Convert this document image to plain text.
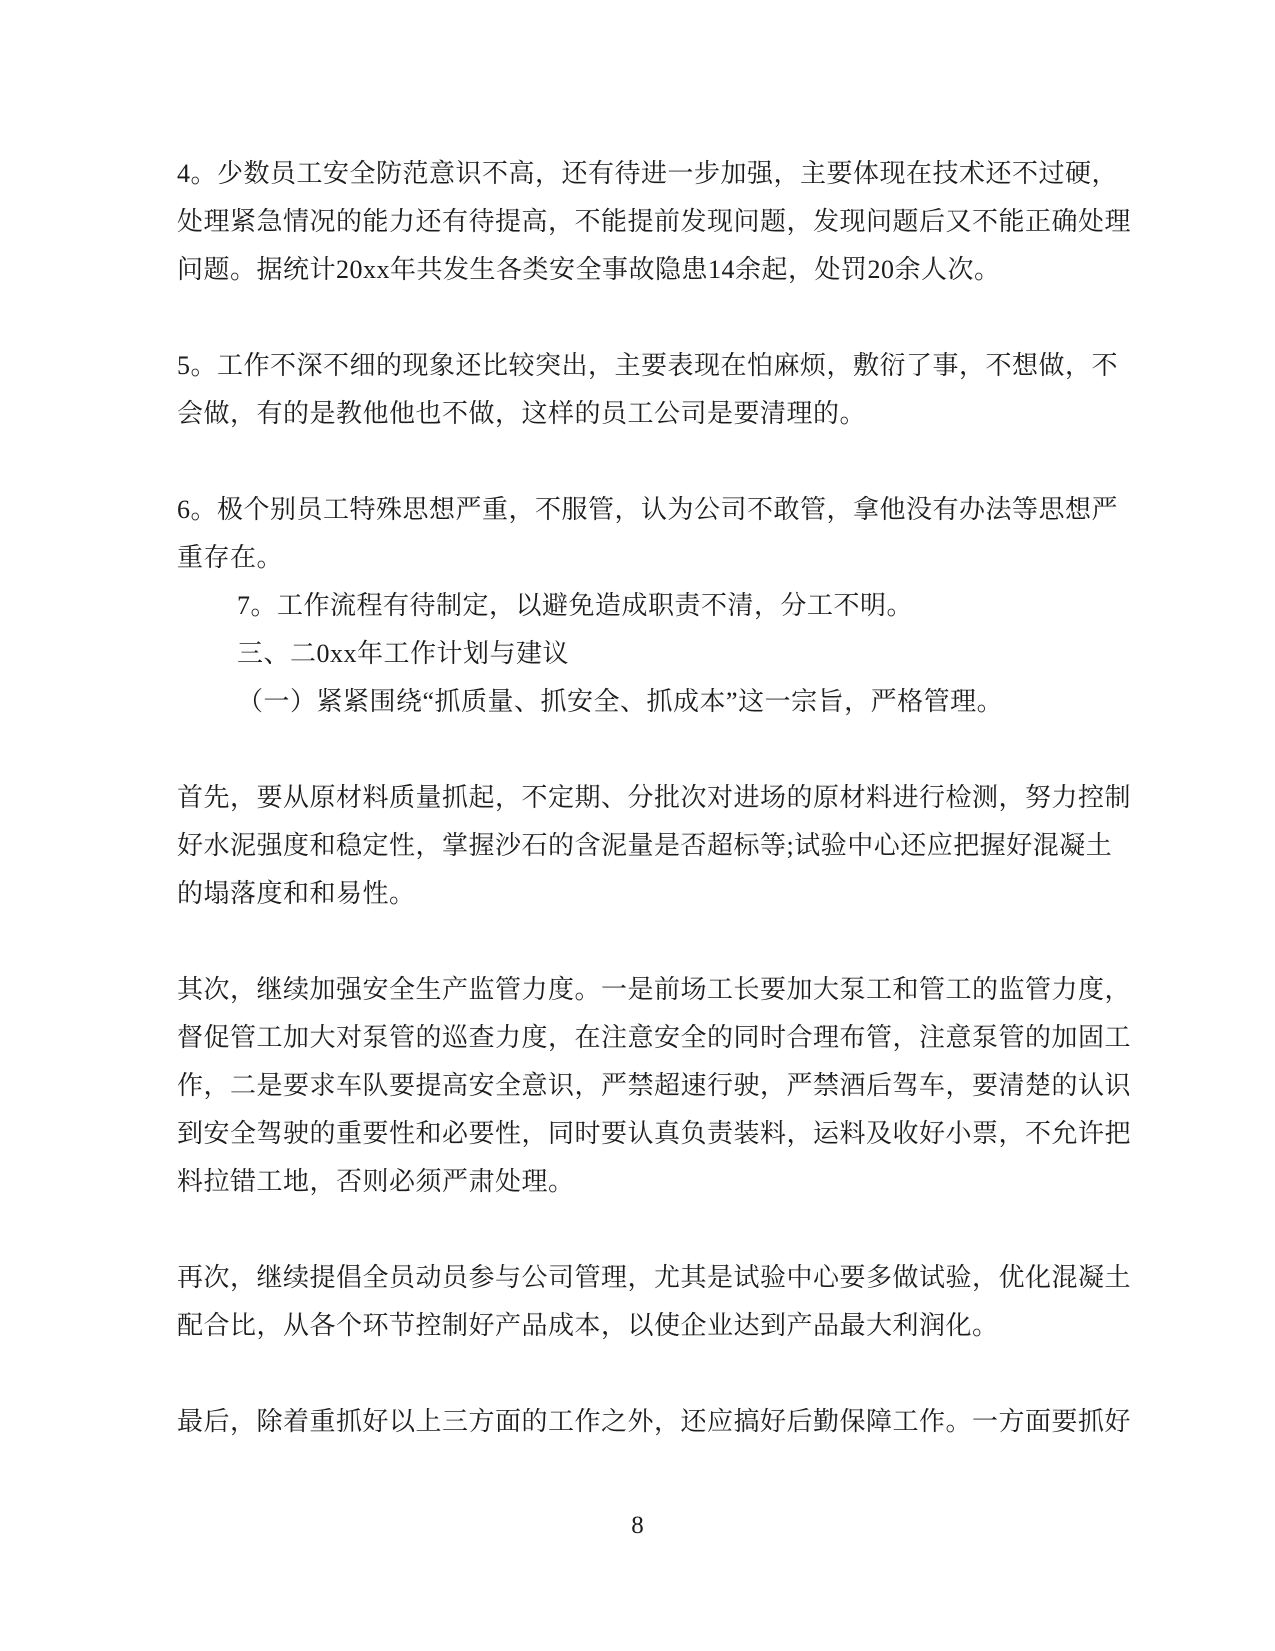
4。少数员工安全防范意识不高，还有待进一步加强，主要体现在技术还不过硬，
处理紧急情况的能力还有待提高，不能提前发现问题，发现问题后又不能正确处理
问题。据统计20xx年共发生各类安全事故隐患14余起，处罚20余人次。
5。工作不深不细的现象还比较突出，主要表现在怕麻烦，敷衍了事，不想做，不
会做，有的是教他他也不做，这样的员工公司是要清理的。
6。极个别员工特殊思想严重，不服管，认为公司不敢管，拿他没有办法等思想严
重存在。
7。工作流程有待制定，以避免造成职责不清，分工不明。
三、二0xx年工作计划与建议
（一）紧紧围绕“抓质量、抓安全、抓成本”这一宗旨，严格管理。
首先，要从原材料质量抓起，不定期、分批次对进场的原材料进行检测，努力控制
好水泥强度和稳定性，掌握沙石的含泥量是否超标等;试验中心还应把握好混凝土
的塌落度和和易性。
其次，继续加强安全生产监管力度。一是前场工长要加大泵工和管工的监管力度，
督促管工加大对泵管的巡查力度，在注意安全的同时合理布管，注意泵管的加固工
作，二是要求车队要提高安全意识，严禁超速行驶，严禁酒后驾车，要清楚的认识
到安全驾驶的重要性和必要性，同时要认真负责装料，运料及收好小票，不允许把
料拉错工地，否则必须严肃处理。
再次，继续提倡全员动员参与公司管理，尤其是试验中心要多做试验，优化混凝土
配合比，从各个环节控制好产品成本，以使企业达到产品最大利润化。
最后，除着重抓好以上三方面的工作之外，还应搞好后勤保障工作。一方面要抓好
8
